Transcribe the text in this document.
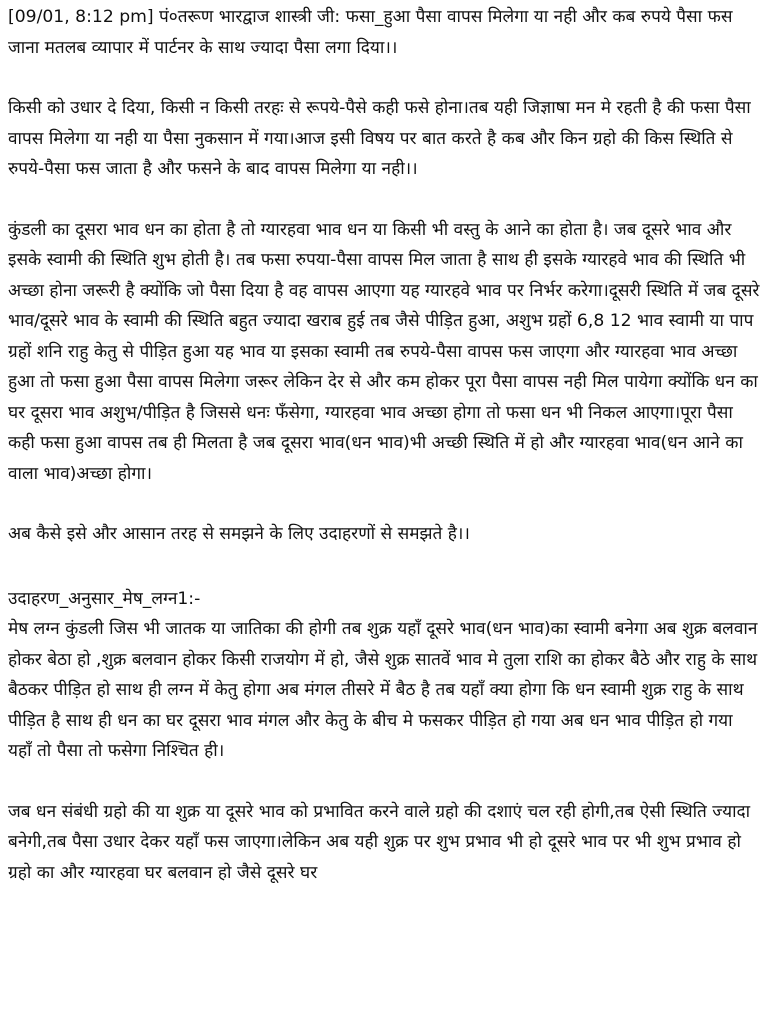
[09/01, 8:12 pm] पं०तरूण भारद्वाज शास्त्री जी: फसा_हुआ पैसा वापस मिलेगा या नही और कब रुपये पैसा फस जाना मतलब व्यापार में पार्टनर के साथ ज्यादा पैसा लगा दिया।।

किसी को उधार दे दिया, किसी न किसी तरहः से रूपये-पैसे कही फसे होना।तब यही जिज्ञाषा मन मे रहती है की फसा पैसा वापस मिलेगा या नही या पैसा नुकसान में गया।आज इसी विषय पर बात करते है कब और किन ग्रहो की किस स्थिति से रुपये-पैसा फस जाता है और फसने के बाद वापस मिलेगा या नही।।

कुंडली का दूसरा भाव धन का होता है तो ग्यारहवा भाव धन या किसी भी वस्तु के आने का होता है। जब दूसरे भाव और इसके स्वामी की स्थिति शुभ होती है। तब फसा रुपया-पैसा वापस मिल जाता है साथ ही इसके ग्यारहवे भाव की स्थिति भी अच्छा होना जरूरी है क्योंकि जो पैसा दिया है वह वापस आएगा यह ग्यारहवे भाव पर निर्भर करेगा।दूसरी स्थिति में जब दूसरे भाव/दूसरे भाव के स्वामी की स्थिति बहुत ज्यादा खराब हुई तब जैसे पीड़ित हुआ, अशुभ ग्रहों 6,8 12 भाव स्वामी या पाप ग्रहों शनि राहु केतु से पीड़ित हुआ यह भाव या इसका स्वामी तब रुपये-पैसा वापस फस जाएगा और ग्यारहवा भाव अच्छा हुआ तो फसा हुआ पैसा वापस मिलेगा जरूर लेकिन देर से और कम होकर पूरा पैसा वापस नही मिल पायेगा क्योंकि धन का घर दूसरा भाव अशुभ/पीड़ित है जिससे धनः फँसेगा, ग्यारहवा भाव अच्छा होगा तो फसा धन भी निकल आएगा।पूरा पैसा कही फसा हुआ वापस तब ही मिलता है जब दूसरा भाव(धन भाव)भी अच्छी स्थिति में हो और ग्यारहवा भाव(धन आने का वाला भाव)अच्छा होगा।

अब कैसे इसे और आसान तरह से समझने के लिए उदाहरणों से समझते है।।

उदाहरण_अनुसार_मेष_लग्न1:-
मेष लग्न कुंडली जिस भी जातक या जातिका की होगी तब शुक्र यहाँ दूसरे भाव(धन भाव)का स्वामी बनेगा अब शुक्र बलवान होकर बेठा हो ,शुक्र बलवान होकर किसी राजयोग में हो, जैसे शुक्र सातवें भाव मे तुला राशि का होकर बैठे और राहु के साथ बैठकर पीड़ित हो साथ ही लग्न में केतु होगा अब मंगल तीसरे में बैठ है तब यहाँ क्या होगा कि धन स्वामी शुक्र राहु के साथ पीड़ित है साथ ही धन का घर दूसरा भाव मंगल और केतु के बीच मे फसकर पीड़ित हो गया अब धन भाव पीड़ित हो गया यहाँ तो पैसा तो फसेगा निश्चित ही।

जब धन संबंधी ग्रहो की या शुक्र या दूसरे भाव को प्रभावित करने वाले ग्रहो की दशाएं चल रही होगी,तब ऐसी स्थिति ज्यादा बनेगी,तब पैसा उधार देकर यहाँ फस जाएगा।लेकिन अब यही शुक्र पर शुभ प्रभाव भी हो दूसरे भाव पर भी शुभ प्रभाव हो ग्रहो का और ग्यारहवा घर बलवान हो जैसे दूसरे घर
